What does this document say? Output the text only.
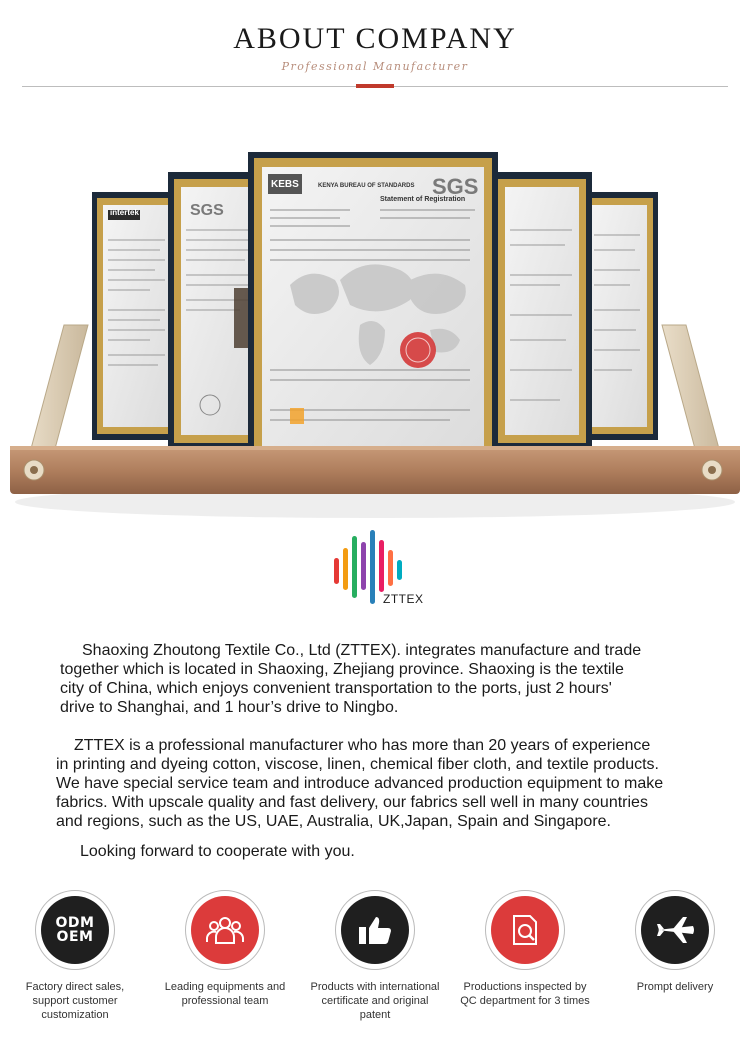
ABOUT COMPANY
Professional Manufacturer
intertek	SGS
KEBS	SGS
KENYA BUREAU OF STANDARDS
Statement of Registration
ZTTEX
Shaoxing Zhoutong Textile Co., Ltd (ZTTEX). integrates manufacture and trade
together which is located in Shaoxing, Zhejiang province. Shaoxing is the textile
city of China, which enjoys convenient transportation to the ports, just 2 hours'
drive to Shanghai, and 1 hour’s drive to Ningbo.
ZTTEX is a professional manufacturer who has more than 20 years of experience
in printing and dyeing cotton, viscose, linen, chemical fiber cloth, and textile products.
We have special service team and introduce advanced production equipment to make
fabrics. With upscale quality and fast delivery, our fabrics sell well in many countries
and regions, such as the US, UAE, Australia, UK,Japan, Spain and Singapore.
Looking forward to cooperate with you.
ODM
OEM
Factory direct sales, support customer customization
Leading equipments and professional team
Products with international certificate and original patent
Productions inspected by QC department for 3 times
Prompt delivery
